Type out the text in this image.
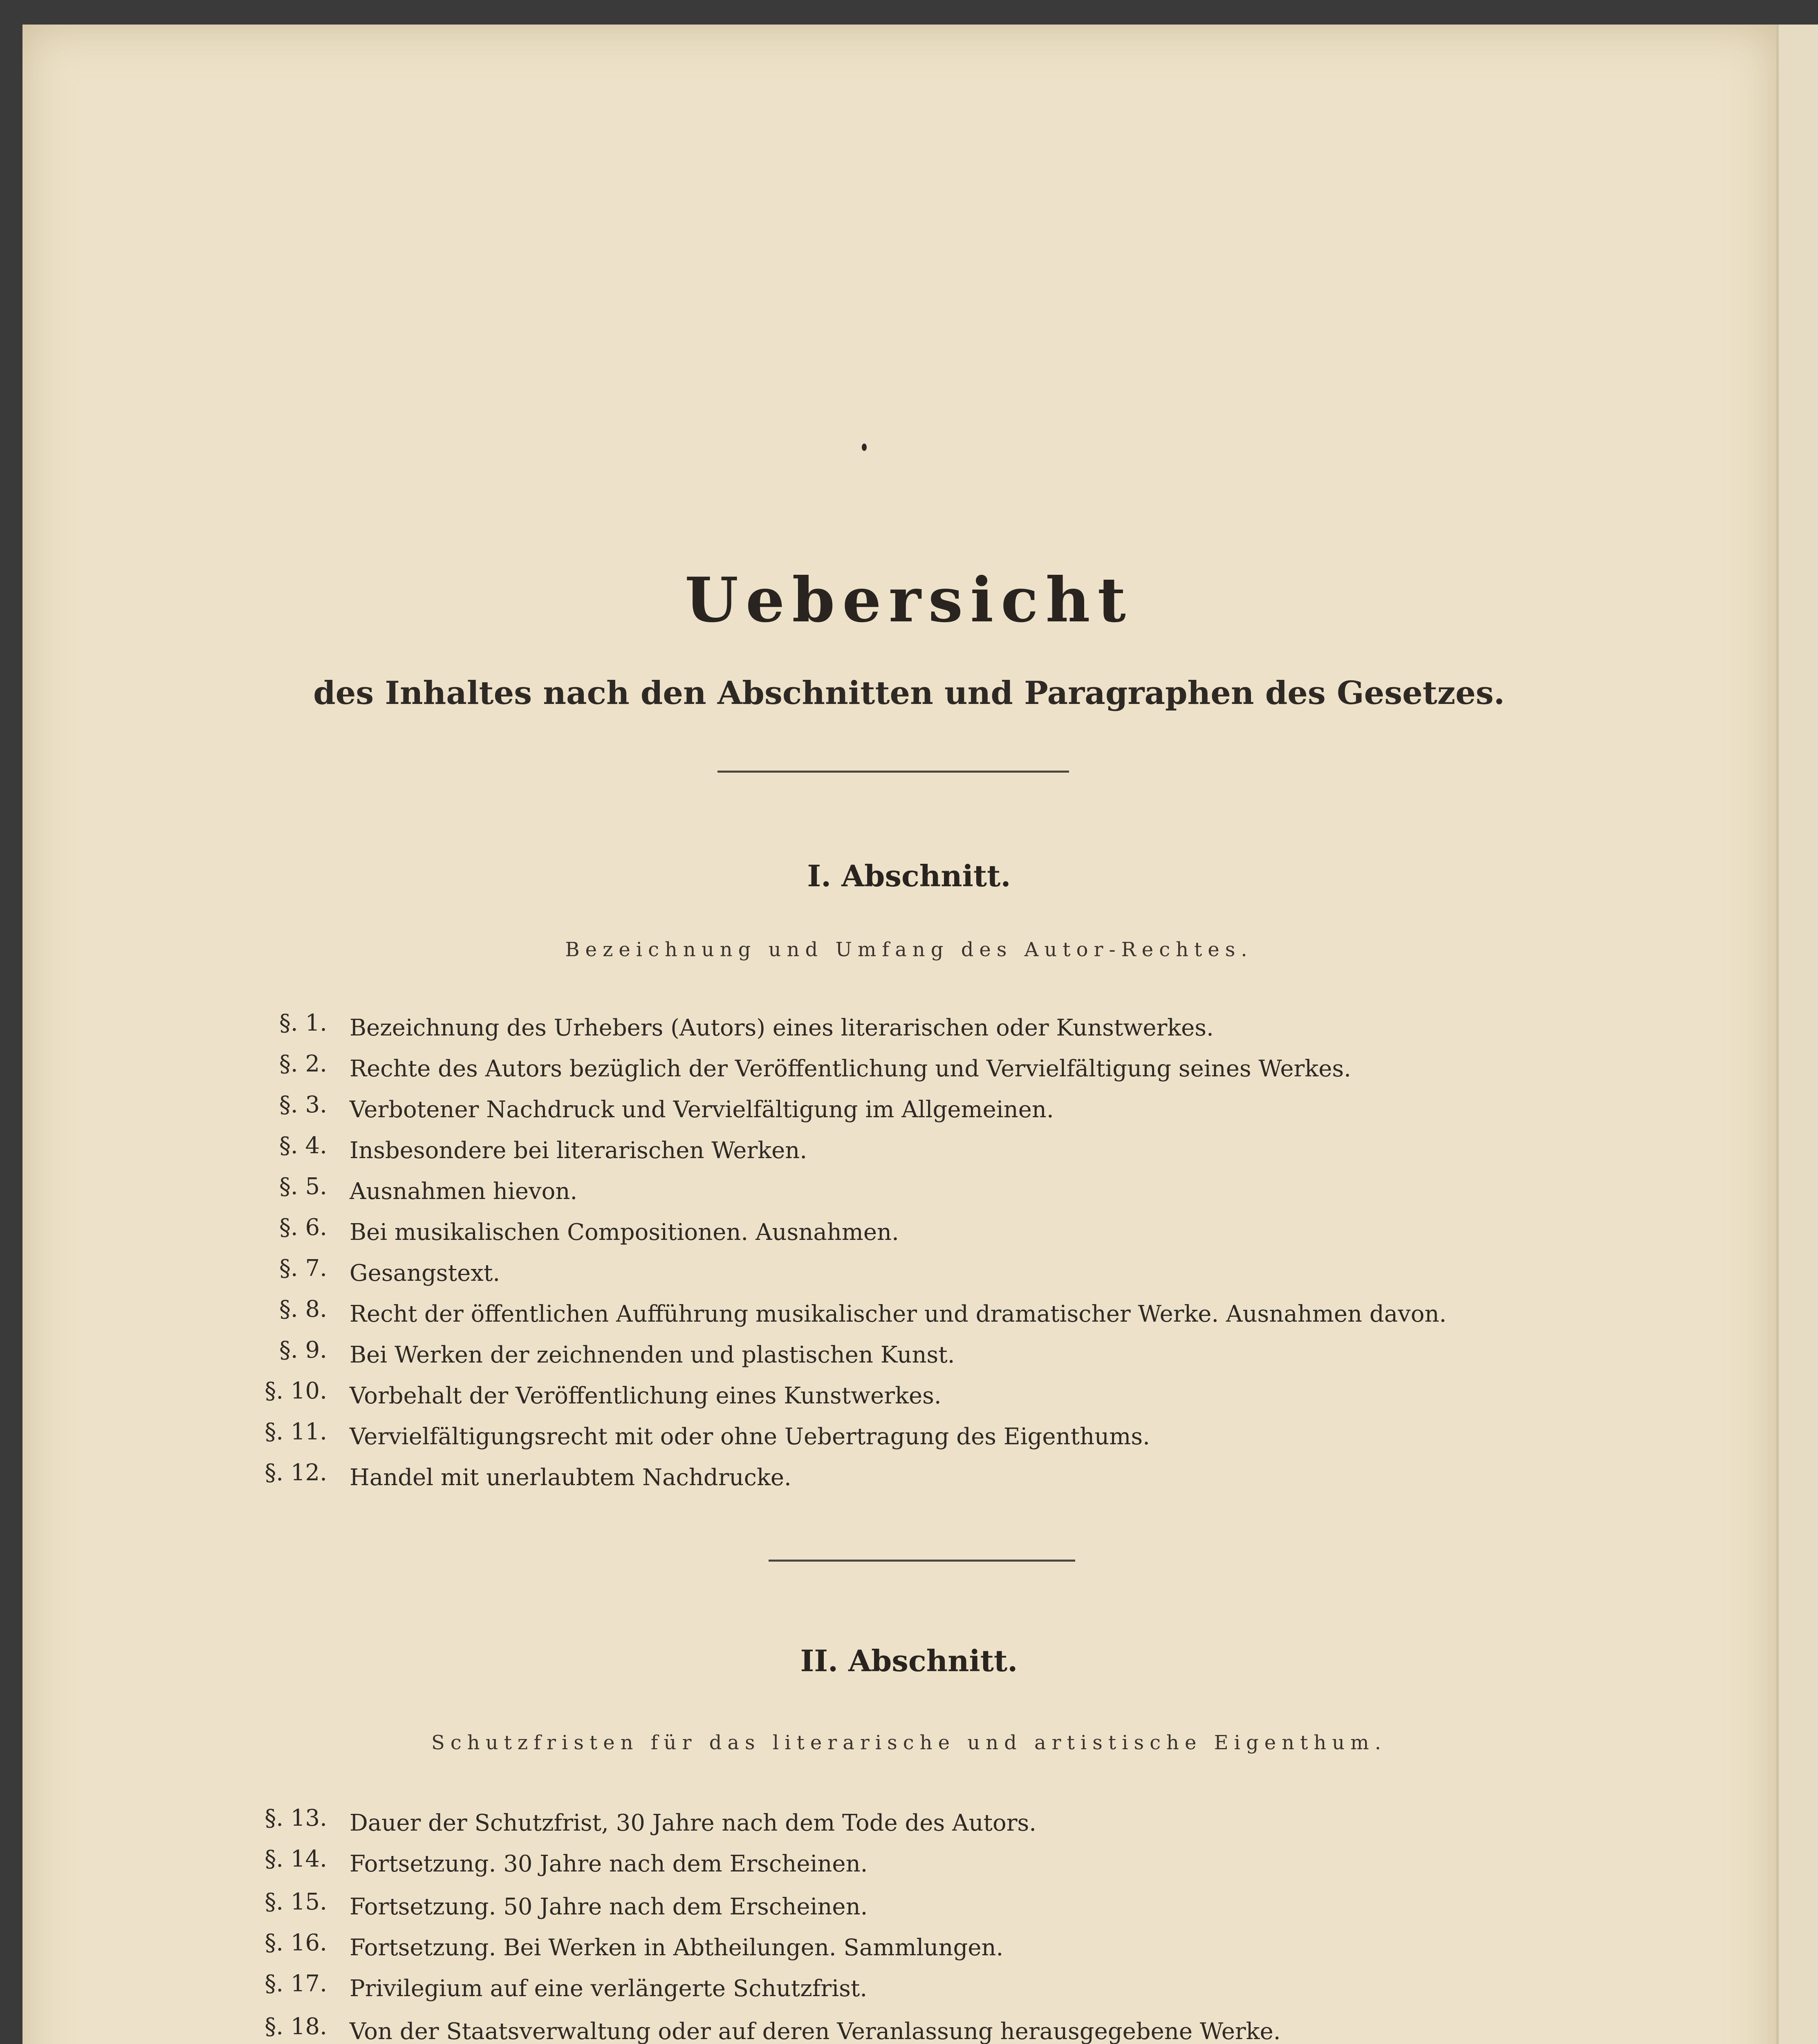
Uebersicht
des Inhaltes nach den Abschnitten und Paragraphen des Gesetzes.
I. Abschnitt.
Bezeichnung und Umfang des Autor-Rechtes.
§. 1. Bezeichnung des Urhebers (Autors) eines literarischen oder Kunstwerkes.
§. 2. Rechte des Autors bezüglich der Veröffentlichung und Vervielfältigung seines Werkes.
§. 3. Verbotener Nachdruck und Vervielfältigung im Allgemeinen.
§. 4. Insbesondere bei literarischen Werken.
§. 5. Ausnahmen hievon.
§. 6. Bei musikalischen Compositionen. Ausnahmen.
§. 7. Gesangstext.
§. 8. Recht der öffentlichen Aufführung musikalischer und dramatischer Werke. Ausnahmen davon.
§. 9. Bei Werken der zeichnenden und plastischen Kunst.
§. 10. Vorbehalt der Veröffentlichung eines Kunstwerkes.
§. 11. Vervielfältigungsrecht mit oder ohne Uebertragung des Eigenthums.
§. 12. Handel mit unerlaubtem Nachdrucke.
II. Abschnitt.
Schutzfristen für das literarische und artistische Eigenthum.
§. 13. Dauer der Schutzfrist, 30 Jahre nach dem Tode des Autors.
§. 14. Fortsetzung. 30 Jahre nach dem Erscheinen.
§. 15. Fortsetzung. 50 Jahre nach dem Erscheinen.
§. 16. Fortsetzung. Bei Werken in Abtheilungen. Sammlungen.
§. 17. Privilegium auf eine verlängerte Schutzfrist.
§. 18. Von der Staatsverwaltung oder auf deren Veranlassung herausgegebene Werke.
